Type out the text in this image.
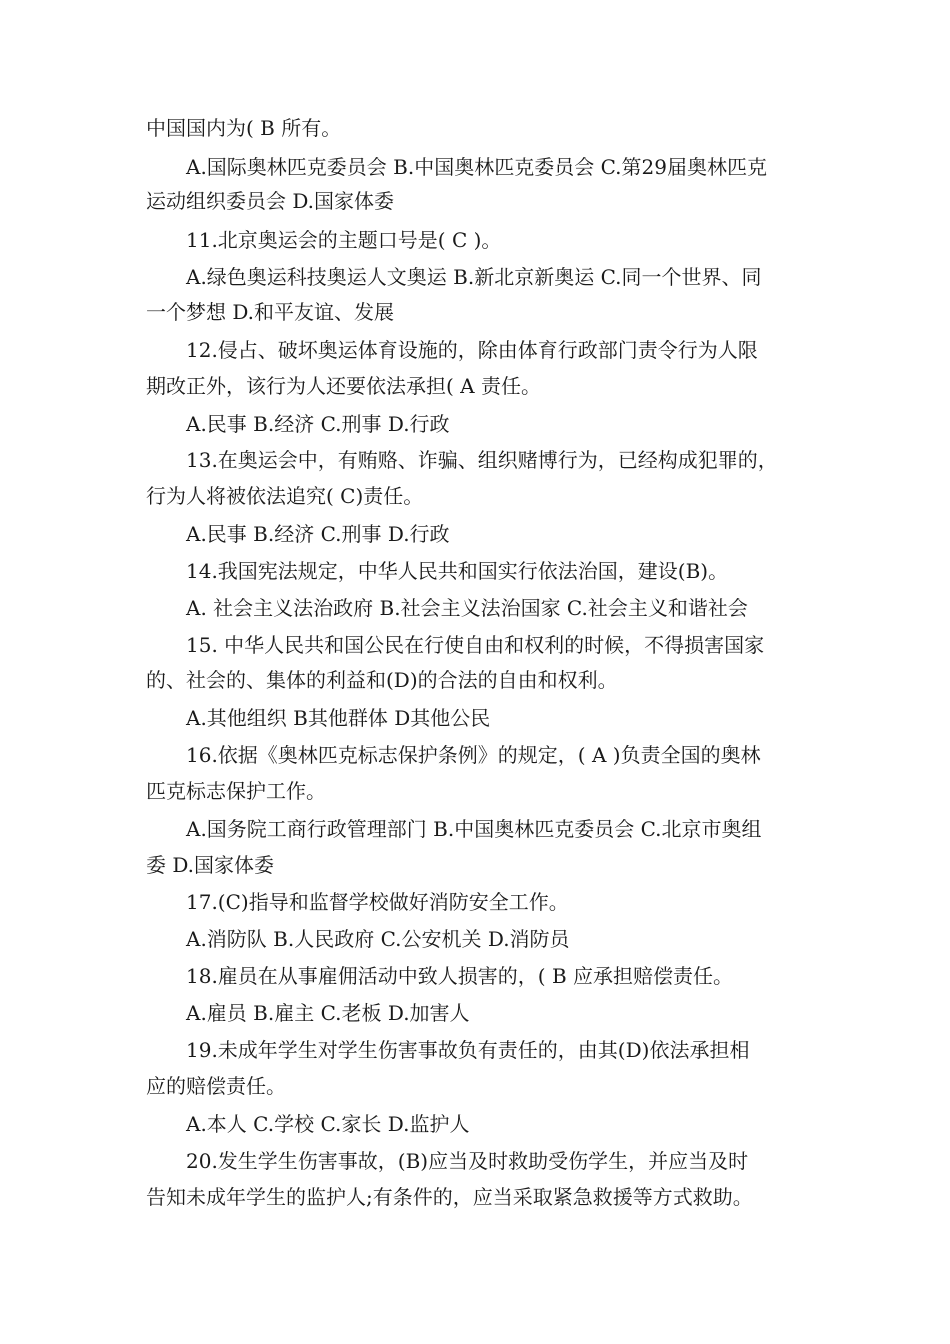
中国国内为( B 所有。
A.国际奥林匹克委员会 B.中国奥林匹克委员会 C.第29届奥林匹克
运动组织委员会 D.国家体委
11.北京奥运会的主题口号是( C )。
A.绿色奥运科技奥运人文奥运 B.新北京新奥运 C.同一个世界、同
一个梦想 D.和平友谊、发展
12.侵占、破坏奥运体育设施的，除由体育行政部门责令行为人限
期改正外，该行为人还要依法承担( A 责任。
A.民事 B.经济 C.刑事 D.行政
13.在奥运会中，有贿赂、诈骗、组织赌博行为，已经构成犯罪的，
行为人将被依法追究( C)责任。
A.民事 B.经济 C.刑事 D.行政
14.我国宪法规定，中华人民共和国实行依法治国，建设(B)。
A. 社会主义法治政府 B.社会主义法治国家 C.社会主义和谐社会
15. 中华人民共和国公民在行使自由和权利的时候，不得损害国家
的、社会的、集体的利益和(D)的合法的自由和权利。
A.其他组织 B其他群体 D其他公民
16.依据《奥林匹克标志保护条例》的规定，( A )负责全国的奥林
匹克标志保护工作。
A.国务院工商行政管理部门 B.中国奥林匹克委员会 C.北京市奥组
委 D.国家体委
17.(C)指导和监督学校做好消防安全工作。
A.消防队 B.人民政府 C.公安机关 D.消防员
18.雇员在从事雇佣活动中致人损害的，( B 应承担赔偿责任。
A.雇员 B.雇主 C.老板 D.加害人
19.未成年学生对学生伤害事故负有责任的，由其(D)依法承担相
应的赔偿责任。
A.本人 C.学校 C.家长 D.监护人
20.发生学生伤害事故，(B)应当及时救助受伤学生，并应当及时
告知未成年学生的监护人;有条件的，应当采取紧急救援等方式救助。
